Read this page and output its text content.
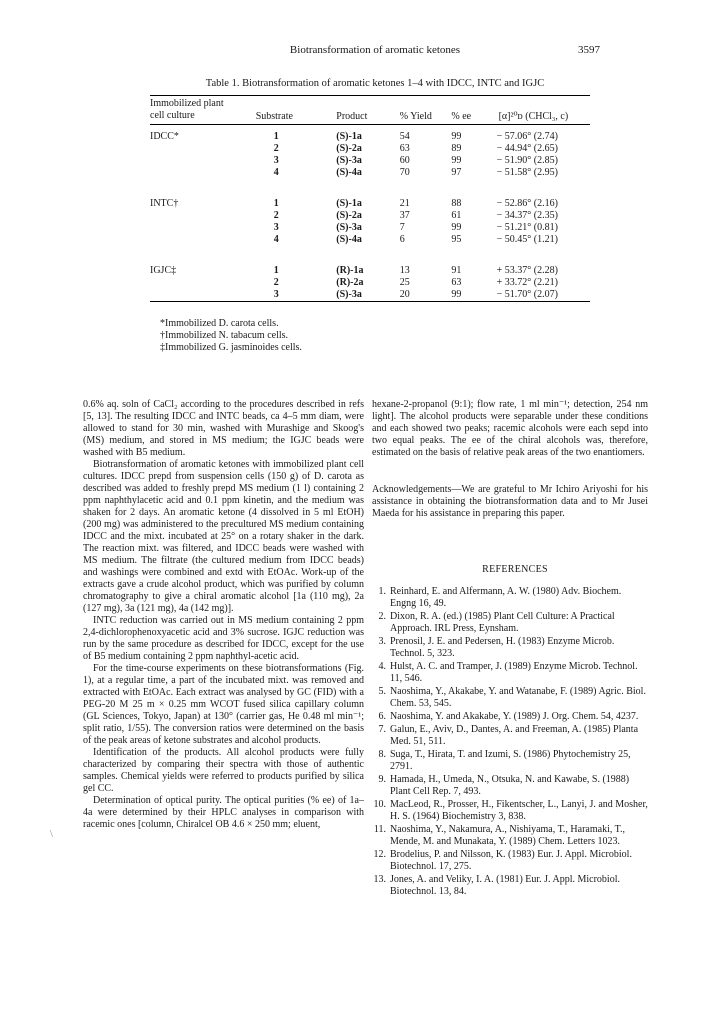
Biotransformation of aromatic ketones	3597
Table 1. Biotransformation of aromatic ketones 1–4 with IDCC, INTC and IGJC
Immobilized plant
cell culture	Substrate	Product	% Yield	% ee	[α]²⁰ᴅ (CHCl₃, c)
IDCC*	1	(S)-1a	54	99	− 57.06° (2.74)
	2	(S)-2a	63	89	− 44.94° (2.65)
	3	(S)-3a	60	99	− 51.90° (2.85)
	4	(S)-4a	70	97	− 51.58° (2.95)

INTC†	1	(S)-1a	21	88	− 52.86° (2.16)
	2	(S)-2a	37	61	− 34.37° (2.35)
	3	(S)-3a	7	99	− 51.21° (0.81)
	4	(S)-4a	6	95	− 50.45° (1.21)

IGJC‡	1	(R)-1a	13	91	+ 53.37° (2.28)
	2	(R)-2a	25	63	+ 33.72° (2.21)
	3	(S)-3a	20	99	− 51.70° (2.07)
*Immobilized D. carota cells.
†Immobilized N. tabacum cells.
‡Immobilized G. jasminoides cells.

0.6% aq. soln of CaCl₂ according to the procedures described in refs [5, 13]. The resulting IDCC and INTC beads, ca 4–5 mm diam, were allowed to stand for 30 min, washed with Murashige and Skoog's (MS) medium, and stored in MS medium; the IGJC beads were washed with B5 medium.

Biotransformation of aromatic ketones with immobilized plant cell cultures. IDCC prepd from suspension cells (150 g) of D. carota as described was added to freshly prepd MS medium (1 l) containing 2 ppm naphthylacetic acid and 0.1 ppm kinetin, and the medium was shaken for 2 days. An aromatic ketone (4 dissolved in 5 ml EtOH) (200 mg) was administered to the precultured MS medium containing IDCC and the mixt. incubated at 25° on a rotary shaker in the dark. The reaction mixt. was filtered, and IDCC beads were washed with MS medium. The filtrate (the cultured medium from IDCC beads) and washings were combined and extd with EtOAc. Work-up of the extracts gave a crude alcohol product, which was purified by column chromatography to give a chiral aromatic alcohol [1a (110 mg), 2a (127 mg), 3a (121 mg), 4a (142 mg)].

INTC reduction was carried out in MS medium containing 2 ppm 2,4-dichlorophenoxyacetic acid and 3% sucrose. IGJC reduction was run by the same procedure as described for IDCC, except for the use of B5 medium containing 2 ppm naphthyl-acetic acid.

For the time-course experiments on these biotransformations (Fig. 1), at a regular time, a part of the incubated mixt. was removed and extracted with EtOAc. Each extract was analysed by GC (FID) with a PEG-20 M 25 m × 0.25 mm WCOT fused silica capillary column (GL Sciences, Tokyo, Japan) at 130° (carrier gas, He 0.48 ml min⁻¹; split ratio, 1/55). The conversion ratios were determined on the basis of the peak areas of ketone substrates and alcohol products.

Identification of the products. All alcohol products were fully characterized by comparing their spectra with those of authentic samples. Chemical yields were referred to products purified by silica gel CC.

Determination of optical purity. The optical purities (% ee) of 1a–4a were determined by their HPLC analyses in comparison with racemic ones [column, Chiralcel OB 4.6 × 250 mm; eluent,

hexane-2-propanol (9:1); flow rate, 1 ml min⁻¹; detection, 254 nm light]. The alcohol products were separable under these conditions and each showed two peaks; racemic alcohols were each sepd into two equal peaks. The ee of the chiral alcohols was, therefore, estimated on the basis of relative peak areas of the two enantiomers.

Acknowledgements—We are grateful to Mr Ichiro Ariyoshi for his assistance in obtaining the biotransformation data and to Mr Jusei Maeda for his assistance in preparing this paper.

REFERENCES

1. Reinhard, E. and Alfermann, A. W. (1980) Adv. Biochem. Engng 16, 49.
2. Dixon, R. A. (ed.) (1985) Plant Cell Culture: A Practical Approach. IRL Press, Eynsham.
3. Prenosil, J. E. and Pedersen, H. (1983) Enzyme Microb. Technol. 5, 323.
4. Hulst, A. C. and Tramper, J. (1989) Enzyme Microb. Technol. 11, 546.
5. Naoshima, Y., Akakabe, Y. and Watanabe, F. (1989) Agric. Biol. Chem. 53, 545.
6. Naoshima, Y. and Akakabe, Y. (1989) J. Org. Chem. 54, 4237.
7. Galun, E., Aviv, D., Dantes, A. and Freeman, A. (1985) Planta Med. 51, 511.
8. Suga, T., Hirata, T. and Izumi, S. (1986) Phytochemistry 25, 2791.
9. Hamada, H., Umeda, N., Otsuka, N. and Kawabe, S. (1988) Plant Cell Rep. 7, 493.
10. MacLeod, R., Prosser, H., Fikentscher, L., Lanyi, J. and Mosher, H. S. (1964) Biochemistry 3, 838.
11. Naoshima, Y., Nakamura, A., Nishiyama, T., Haramaki, T., Mende, M. and Munakata, Y. (1989) Chem. Letters 1023.
12. Brodelius, P. and Nilsson, K. (1983) Eur. J. Appl. Microbiol. Biotechnol. 17, 275.
13. Jones, A. and Veliky, I. A. (1981) Eur. J. Appl. Microbiol. Biotechnol. 13, 84.
\
